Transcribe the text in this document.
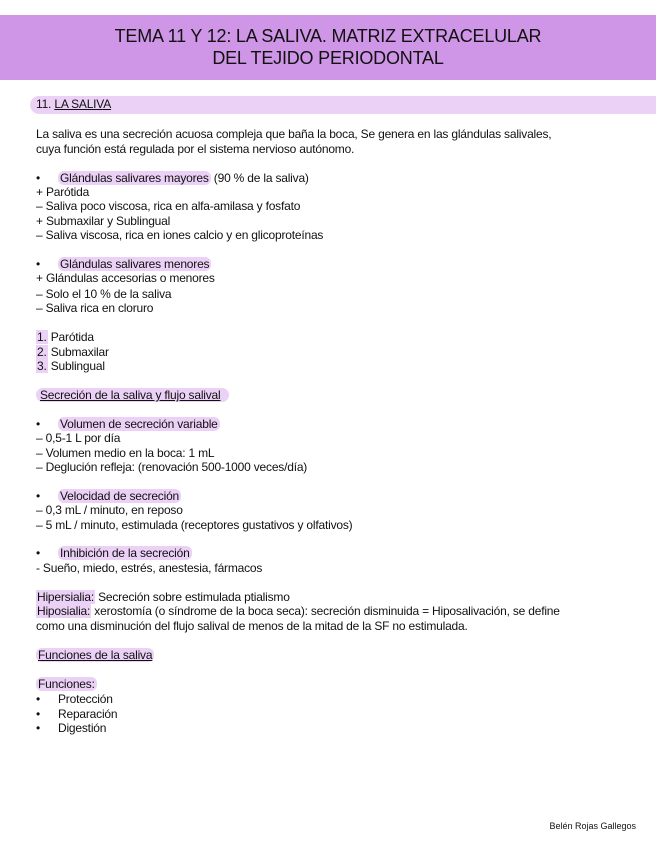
TEMA 11 Y 12: LA SALIVA. MATRIZ EXTRACELULAR
DEL TEJIDO PERIODONTAL
11. LA SALIVA
La saliva es una secreción acuosa compleja que baña la boca, Se genera en las glándulas salivales,
cuya función está regulada por el sistema nervioso autónomo.
• Glándulas salivares mayores (90 % de la saliva)
+ Parótida
– Saliva poco viscosa, rica en alfa-amilasa y fosfato
+ Submaxilar y Sublingual
– Saliva viscosa, rica en iones calcio y en glicoproteínas
• Glándulas salivares menores
+ Glándulas accesorias o menores
– Solo el 10 % de la saliva
– Saliva rica en cloruro
1. Parótida
2. Submaxilar
3. Sublingual
Secreción de la saliva y flujo salival
• Volumen de secreción variable
– 0,5-1 L por día
– Volumen medio en la boca: 1 mL
– Deglución refleja: (renovación 500-1000 veces/día)
• Velocidad de secreción
– 0,3 mL / minuto, en reposo
– 5 mL / minuto, estimulada (receptores gustativos y olfativos)
• Inhibición de la secreción
- Sueño, miedo, estrés, anestesia, fármacos
Hipersialia: Secreción sobre estimulada ptialismo
Hiposialia: xerostomía (o síndrome de la boca seca): secreción disminuida = Hiposalivación, se define
como una disminución del flujo salival de menos de la mitad de la SF no estimulada.
Funciones de la saliva
Funciones:
• Protección
• Reparación
• Digestión
Belén Rojas Gallegos
